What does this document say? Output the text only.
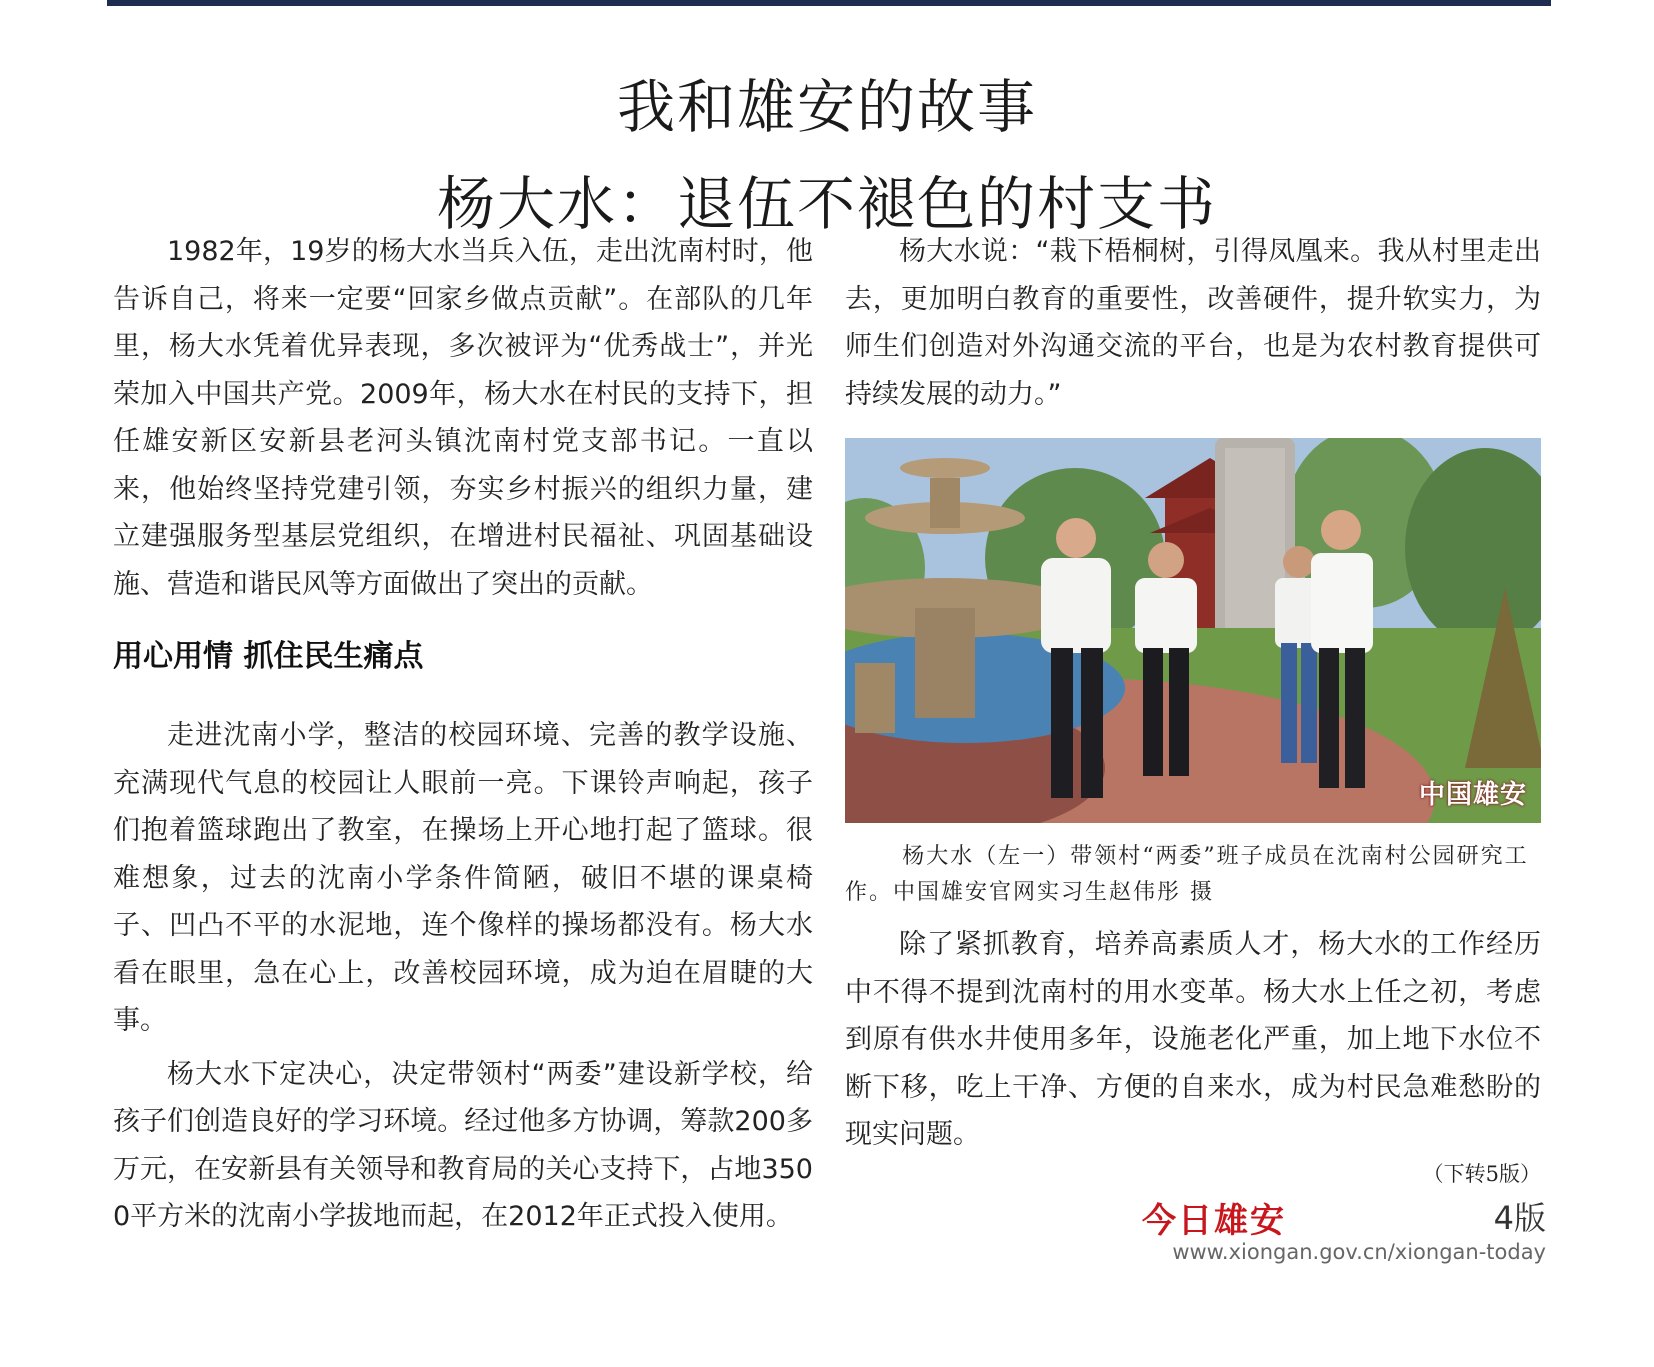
我和雄安的故事
杨大水：退伍不褪色的村支书

1982年，19岁的杨大水当兵入伍，走出沈南村时，他告诉自己，将来一定要“回家乡做点贡献”。在部队的几年里，杨大水凭着优异表现，多次被评为“优秀战士”，并光荣加入中国共产党。2009年，杨大水在村民的支持下，担任雄安新区安新县老河头镇沈南村党支部书记。一直以来，他始终坚持党建引领，夯实乡村振兴的组织力量，建立建强服务型基层党组织，在增进村民福祉、巩固基础设施、营造和谐民风等方面做出了突出的贡献。

用心用情 抓住民生痛点

走进沈南小学，整洁的校园环境、完善的教学设施、充满现代气息的校园让人眼前一亮。下课铃声响起，孩子们抱着篮球跑出了教室，在操场上开心地打起了篮球。很难想象，过去的沈南小学条件简陋，破旧不堪的课桌椅子、凹凸不平的水泥地，连个像样的操场都没有。杨大水看在眼里，急在心上，改善校园环境，成为迫在眉睫的大事。

杨大水下定决心，决定带领村“两委”建设新学校，给孩子们创造良好的学习环境。经过他多方协调，筹款200多万元，在安新县有关领导和教育局的关心支持下，占地3500平方米的沈南小学拔地而起，在2012年正式投入使用。

杨大水说：“栽下梧桐树，引得凤凰来。我从村里走出去，更加明白教育的重要性，改善硬件，提升软实力，为师生们创造对外沟通交流的平台，也是为农村教育提供可持续发展的动力。”

中国雄安

杨大水（左一）带领村“两委”班子成员在沈南村公园研究工作。中国雄安官网实习生赵伟彤 摄

除了紧抓教育，培养高素质人才，杨大水的工作经历中不得不提到沈南村的用水变革。杨大水上任之初，考虑到原有供水井使用多年，设施老化严重，加上地下水位不断下移，吃上干净、方便的自来水，成为村民急难愁盼的现实问题。

（下转5版）

今日雄安	4版
www.xiongan.gov.cn/xiongan-today
